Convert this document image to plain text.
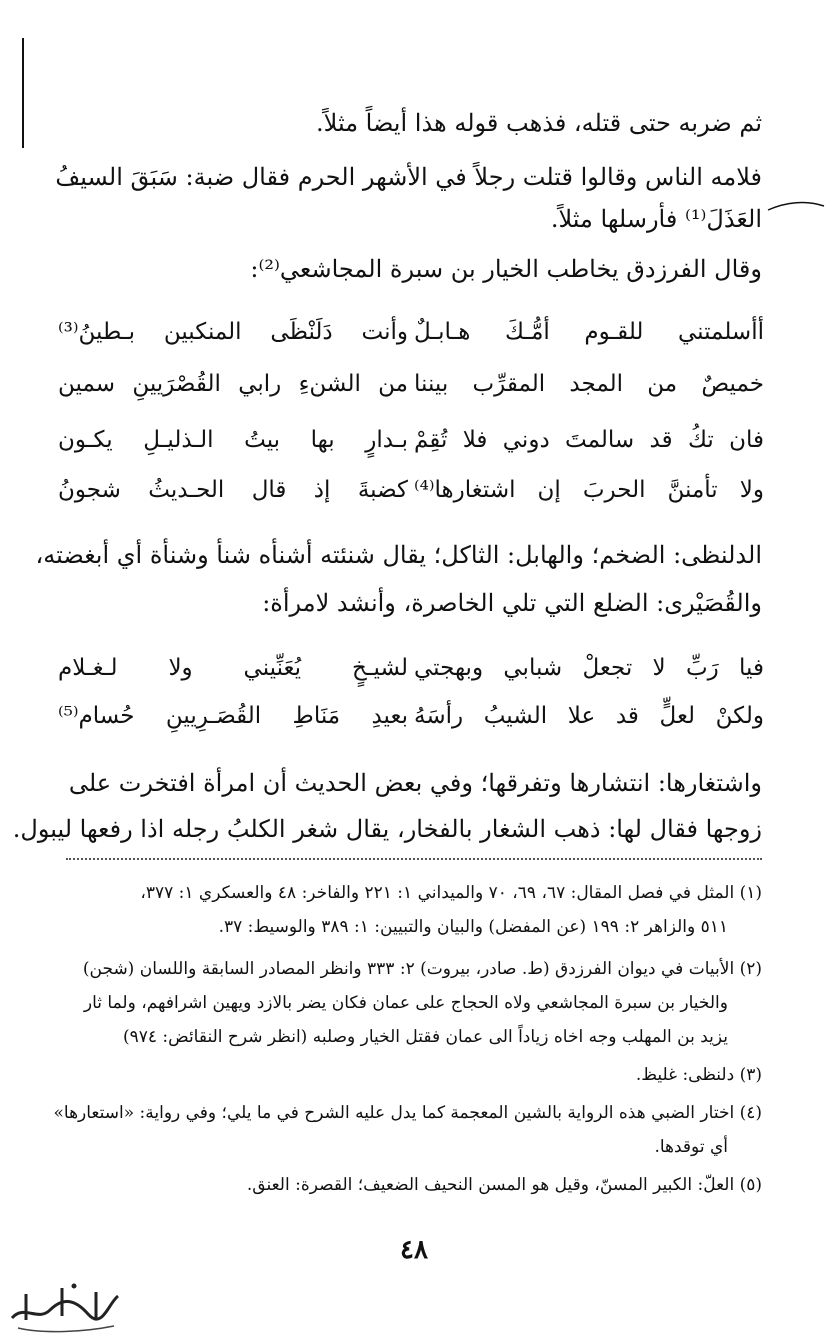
ثم ضربه حتى قتله، فذهب قوله هذا أيضاً مثلاً.
فلامه الناس وقالوا قتلت رجلاً في الأشهر الحرم فقال ضبة: سَبَقَ السيفُ
العَذَلَ⁽¹⁾ فأرسلها مثلاً.
وقال الفرزدق يخاطب الخيار بن سبرة المجاشعي⁽²⁾:
أأسلمتني للقـوم أمُّـكَ هـابـلٌ
وأنت دَلَنْظَى المنكبين بـطينُ⁽³⁾
خميصٌ من المجد المقرِّب بيننا
من الشنءِ رابي القُصْرَيينِ سمين
فان تكُ قد سالمتَ دوني فلا تُقِمْ
بـدارٍ بها بيتُ الـذليـلِ يكـون
ولا تأمننَّ الحربَ إن اشتغارها⁽⁴⁾
كضبةَ إذ قال الحـديثُ شجونُ
الدلنظى: الضخم؛ والهابل: الثاكل؛ يقال شنئته أشنأه شنأ وشنأة أي أبغضته،
والقُصَيْرى: الضلع التي تلي الخاصرة، وأنشد لامرأة:
فيا رَبِّ لا تجعلْ شبابي وبهجتي
لشيـخٍ يُعَنِّيني ولا لـغـلام
ولكنْ لعلٍّ قد علا الشيبُ رأسَهُ
بعيدِ مَنَاطِ القُصَـرِيينِ حُسام⁽⁵⁾
واشتغارها: انتشارها وتفرقها؛ وفي بعض الحديث أن امرأة افتخرت على
زوجها فقال لها: ذهب الشغار بالفخار، يقال شغر الكلبُ رجله اذا رفعها ليبول.
(١) المثل في فصل المقال: ٦٧، ٦٩، ٧٠ والميداني ١: ٢٢١ والفاخر: ٤٨ والعسكري ١: ٣٧٧،
٥١١ والزاهر ٢: ١٩٩ (عن المفضل) والبيان والتبيين: ١: ٣٨٩ والوسيط: ٣٧.
(٢) الأبيات في ديوان الفرزدق (ط. صادر، بيروت) ٢: ٣٣٣ وانظر المصادر السابقة واللسان (شجن)
والخيار بن سبرة المجاشعي ولاه الحجاج على عمان فكان يضر بالازد ويهين اشرافهم، ولما ثار
يزيد بن المهلب وجه اخاه زياداً الى عمان فقتل الخيار وصلبه (انظر شرح النقائض: ٩٧٤)
(٣) دلنظى: غليظ.
(٤) اختار الضبي هذه الرواية بالشين المعجمة كما يدل عليه الشرح في ما يلي؛ وفي رواية: «استعارها»
أي توقدها.
(٥) العلّ: الكبير المسنّ، وقيل هو المسن النحيف الضعيف؛ القصرة: العنق.
٤٨
